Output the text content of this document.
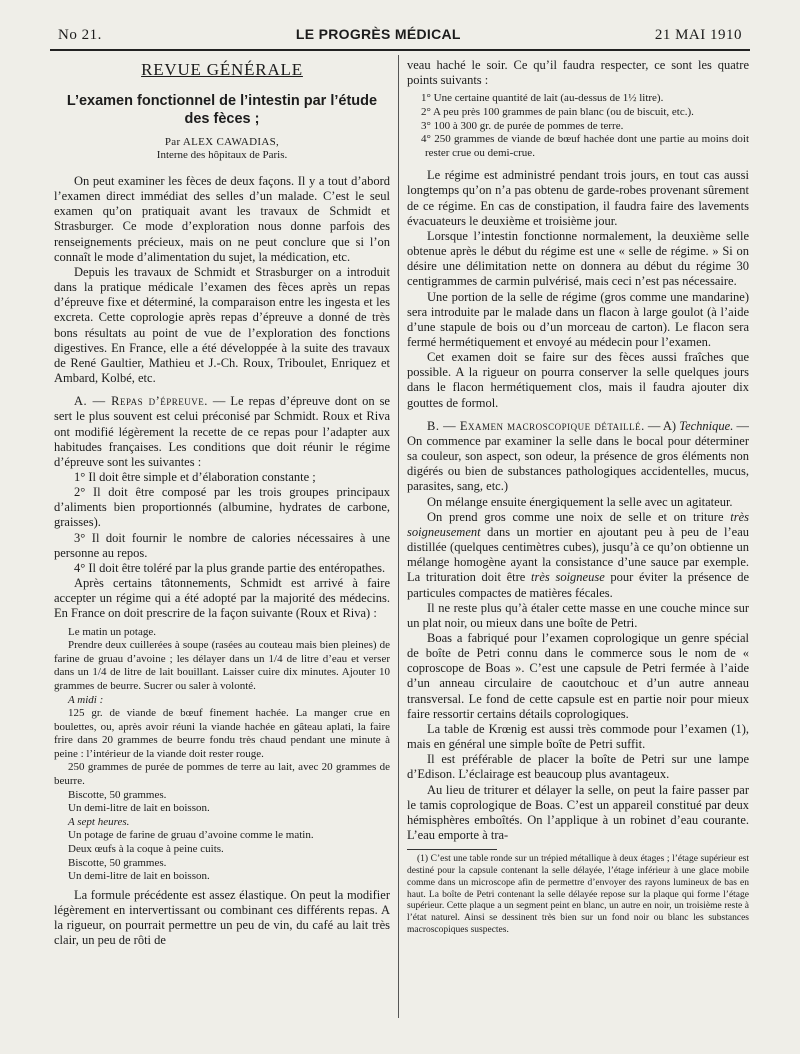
No 21.	LE PROGRÈS MÉDICAL	21 MAI 1910
REVUE GÉNÉRALE
L’examen fonctionnel de l’intestin par l’étude des fèces ;
Par ALEX CAWADIAS,
Interne des hôpitaux de Paris.

On peut examiner les fèces de deux façons. Il y a tout d’abord l’examen direct immédiat des selles d’un malade. C’est le seul examen qu’on pratiquait avant les travaux de Schmidt et Strasburger. Ce mode d’exploration nous donne parfois des renseignements précieux, mais on ne peut conclure que si l’on connaît le mode d’alimentation du sujet, la médication, etc.

Depuis les travaux de Schmidt et Strasburger on a introduit dans la pratique médicale l’examen des fèces après un repas d’épreuve fixe et déterminé, la comparaison entre les ingesta et les excreta. Cette coprologie après repas d’épreuve a donné de très bons résultats au point de vue de l’exploration des fonctions digestives. En France, elle a été développée à la suite des travaux de René Gaultier, Mathieu et J.-Ch. Roux, Triboulet, Enriquez et Ambard, Kolbé, etc.

A. — Repas d’épreuve. — Le repas d’épreuve dont on se sert le plus souvent est celui préconisé par Schmidt. Roux et Riva ont modifié légèrement la recette de ce repas pour l’adapter aux habitudes françaises. Les conditions que doit réunir le régime d’épreuve sont les suivantes :

1° Il doit être simple et d’élaboration constante ;

2° Il doit être composé par les trois groupes principaux d’aliments bien proportionnés (albumine, hydrates de carbone, graisses).

3° Il doit fournir le nombre de calories nécessaires à une personne au repos.

4° Il doit être toléré par la plus grande partie des entéropathes.

Après certains tâtonnements, Schmidt est arrivé à faire accepter un régime qui a été adopté par la majorité des médecins. En France on doit prescrire de la façon suivante (Roux et Riva) :

Le matin un potage.

Prendre deux cuillerées à soupe (rasées au couteau mais bien pleines) de farine de gruau d’avoine ; les délayer dans un 1/4 de litre d’eau et verser dans un 1/4 de litre de lait bouillant. Laisser cuire dix minutes. Ajouter 10 grammes de beurre. Sucrer ou saler à volonté.

A midi :

125 gr. de viande de bœuf finement hachée. La manger crue en boulettes, ou, après avoir réuni la viande hachée en gâteau aplati, la faire frire dans 20 grammes de beurre fondu très chaud pendant une minute à peine : l’intérieur de la viande doit rester rouge.

250 grammes de purée de pommes de terre au lait, avec 20 grammes de beurre.

Biscotte, 50 grammes.

Un demi-litre de lait en boisson.

A sept heures.

Un potage de farine de gruau d’avoine comme le matin.

Deux œufs à la coque à peine cuits.

Biscotte, 50 grammes.

Un demi-litre de lait en boisson.

La formule précédente est assez élastique. On peut la modifier légèrement en intervertissant ou combinant ces différents repas. A la rigueur, on pourrait permettre un peu de vin, du café au lait très clair, un peu de rôti de

veau haché le soir. Ce qu’il faudra respecter, ce sont les quatre points suivants :

1° Une certaine quantité de lait (au-dessus de 1½ litre).

2° A peu près 100 grammes de pain blanc (ou de biscuit, etc.).

3° 100 à 300 gr. de purée de pommes de terre.

4° 250 grammes de viande de bœuf hachée dont une partie au moins doit rester crue ou demi-crue.

Le régime est administré pendant trois jours, en tout cas aussi longtemps qu’on n’a pas obtenu de garde-robes provenant sûrement de ce régime. En cas de constipation, il faudra faire des lavements évacuateurs le deuxième et troisième jour.

Lorsque l’intestin fonctionne normalement, la deuxième selle obtenue après le début du régime est une « selle de régime. » Si on désire une délimitation nette on donnera au début du régime 30 centigrammes de carmin pulvérisé, mais ceci n’est pas nécessaire.

Une portion de la selle de régime (gros comme une mandarine) sera introduite par le malade dans un flacon à large goulot (à l’aide d’une stapule de bois ou d’un morceau de carton). Le flacon sera fermé hermétiquement et envoyé au médecin pour l’examen.

Cet examen doit se faire sur des fèces aussi fraîches que possible. A la rigueur on pourra conserver la selle quelques jours dans le flacon hermétiquement clos, mais il faudra ajouter dix gouttes de formol.

B. — Examen macroscopique détaillé. — A) Technique. — On commence par examiner la selle dans le bocal pour déterminer sa couleur, son aspect, son odeur, la présence de gros éléments non digérés ou bien de substances pathologiques accidentelles, mucus, parasites, sang, etc.)

On mélange ensuite énergiquement la selle avec un agitateur.

On prend gros comme une noix de selle et on triture très soigneusement dans un mortier en ajoutant peu à peu de l’eau distillée (quelques centimètres cubes), jusqu’à ce qu’on obtienne un mélange homogène ayant la consistance d’une sauce par exemple. La trituration doit être très soigneuse pour éviter la présence de particules compactes de matières fécales.

Il ne reste plus qu’à étaler cette masse en une couche mince sur un plat noir, ou mieux dans une boîte de Petri.

Boas a fabriqué pour l’examen coprologique un genre spécial de boîte de Petri connu dans le commerce sous le nom de « coproscope de Boas ». C’est une capsule de Petri fermée à l’aide d’un anneau circulaire de caoutchouc et d’un autre anneau transversal. Le fond de cette capsule est en partie noir pour mieux faire ressortir certains détails coprologiques.

La table de Krœnig est aussi très commode pour l’examen (1), mais en général une simple boîte de Petri suffit.

Il est préférable de placer la boîte de Petri sur une lampe d’Edison. L’éclairage est beaucoup plus avantageux.

Au lieu de triturer et délayer la selle, on peut la faire passer par le tamis coprologique de Boas. C’est un appareil constitué par deux hémisphères emboîtés. On l’applique à un robinet d’eau courante. L’eau emporte à tra-

(1) C’est une table ronde sur un trépied métallique à deux étages ; l’étage supérieur est destiné pour la capsule contenant la selle délayée, l’étage inférieur à une glace mobile comme dans un microscope afin de permettre d’envoyer des rayons lumineux de bas en haut. La boîte de Petri contenant la selle délayée repose sur la plaque qui forme l’étage supérieur. Cette plaque a un segment peint en blanc, un autre en noir, un troisième reste à l’état naturel. Ainsi se dessinent très bien sur un fond noir ou blanc les substances macroscopiques suspectes.
